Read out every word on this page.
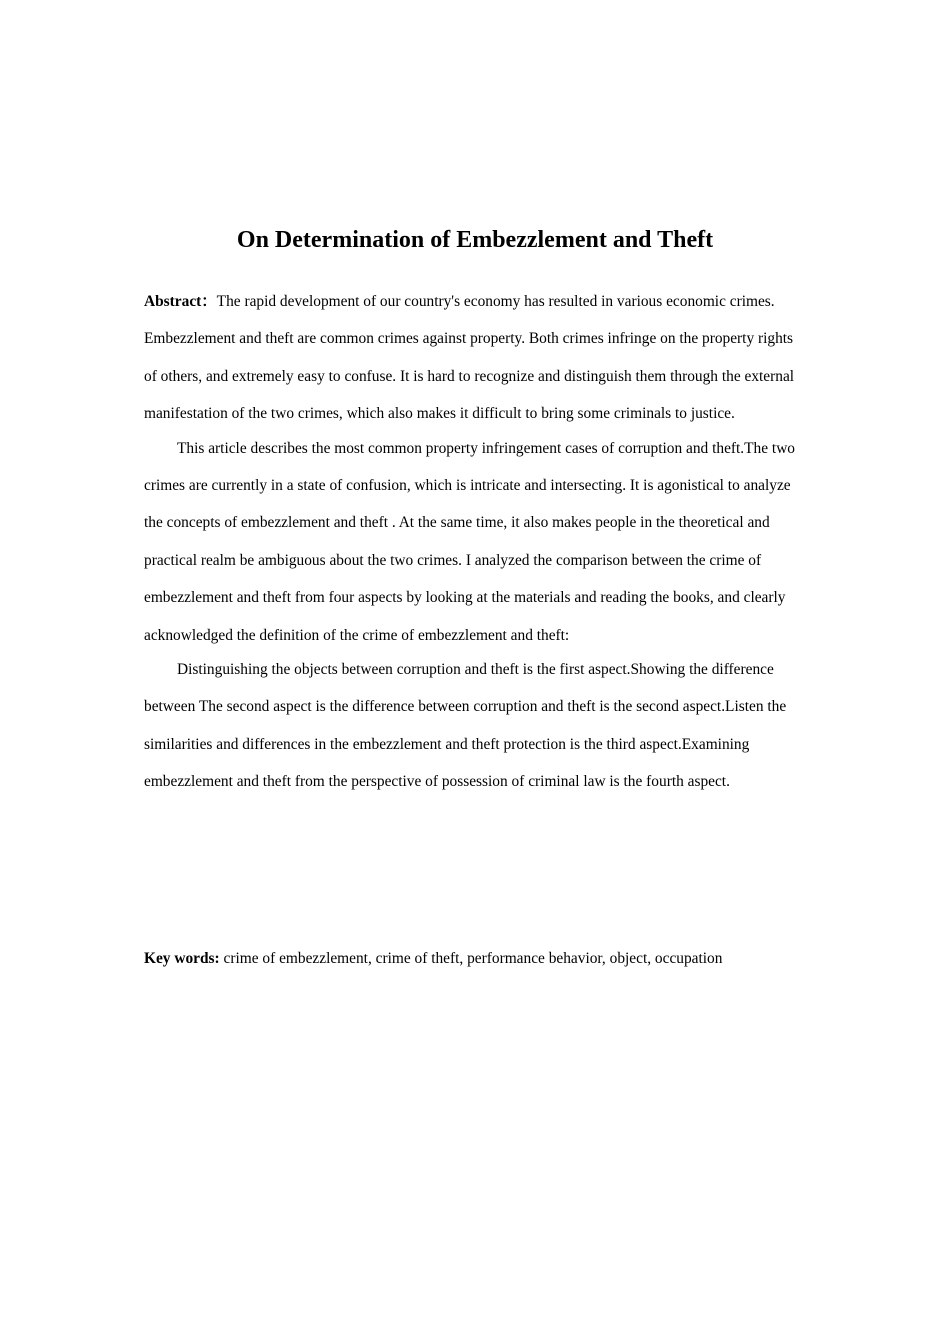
On Determination of Embezzlement and Theft

Abstract：The rapid development of our country's economy has resulted in various economic crimes. Embezzlement and theft are common crimes against property. Both crimes infringe on the property rights of others, and extremely easy to confuse. It is hard to recognize and distinguish them through the external manifestation of the two crimes, which also makes it difficult to bring some criminals to justice.

This article describes the most common property infringement cases of corruption and theft.The two crimes are currently in a state of confusion, which is intricate and intersecting. It is agonistical to analyze the concepts of embezzlement and theft . At the same time, it also makes people in the theoretical and practical realm be ambiguous about the two crimes. I analyzed the comparison between the crime of embezzlement and theft from four aspects by looking at the materials and reading the books, and clearly acknowledged the definition of the crime of embezzlement and theft:

Distinguishing the objects between corruption and theft is the first aspect.Showing the difference between The second aspect is the difference between corruption and theft is the second aspect.Listen the similarities and differences in the embezzlement and theft protection is the third aspect.Examining embezzlement and theft from the perspective of possession of criminal law is the fourth aspect.

Key words: crime of embezzlement, crime of theft, performance behavior, object, occupation
